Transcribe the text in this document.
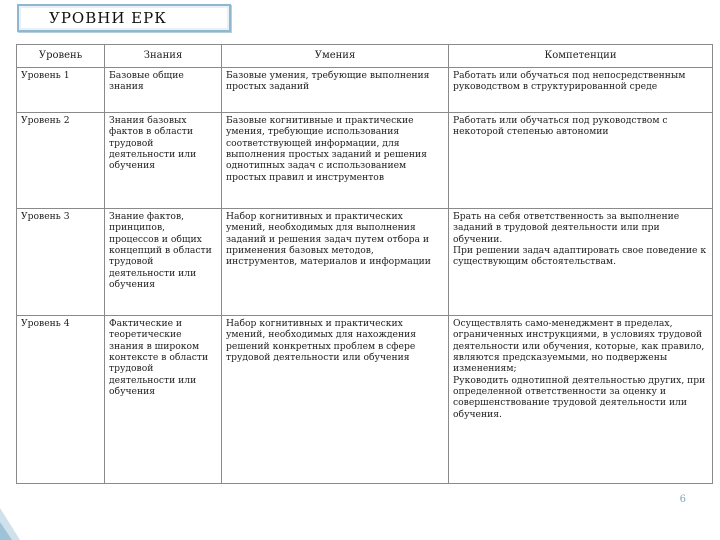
УРОВНИ ЕРК
Уровень	Знания	Умения	Компетенции
Уровень 1	Базовые общие знания	Базовые умения, требующие выполнения простых заданий	Работать или обучаться под непосредственным руководством в структурированной среде
Уровень 2	Знания базовых фактов в области трудовой деятельности или обучения	Базовые когнитивные и практические умения, требующие использования соответствующей информации, для выполнения простых заданий и решения однотипных задач с использованием простых правил и инструментов	Работать или обучаться под руководством с некоторой степенью автономии
Уровень 3	Знание фактов, принципов, процессов и общих концепций в области трудовой деятельности или обучения	Набор когнитивных и практических умений, необходимых для выполнения заданий и решения задач путем отбора и применения базовых методов, инструментов, материалов и информации	Брать на себя ответственность за выполнение заданий в трудовой деятельности или при обучении.
При решении задач адаптировать свое поведение к существующим обстоятельствам.
Уровень 4	Фактические и теоретические знания в широком контексте в области трудовой деятельности или обучения	Набор когнитивных и практических умений, необходимых для нахождения решений конкретных проблем в сфере трудовой деятельности или обучения	Осуществлять само-менеджмент в пределах, ограниченных инструкциями, в условиях трудовой деятельности или обучения, которые, как правило, являются предсказуемыми, но подвержены изменениям;
Руководить однотипной деятельностью других, при определенной ответственности за оценку и совершенствование трудовой деятельности или обучения.
6
